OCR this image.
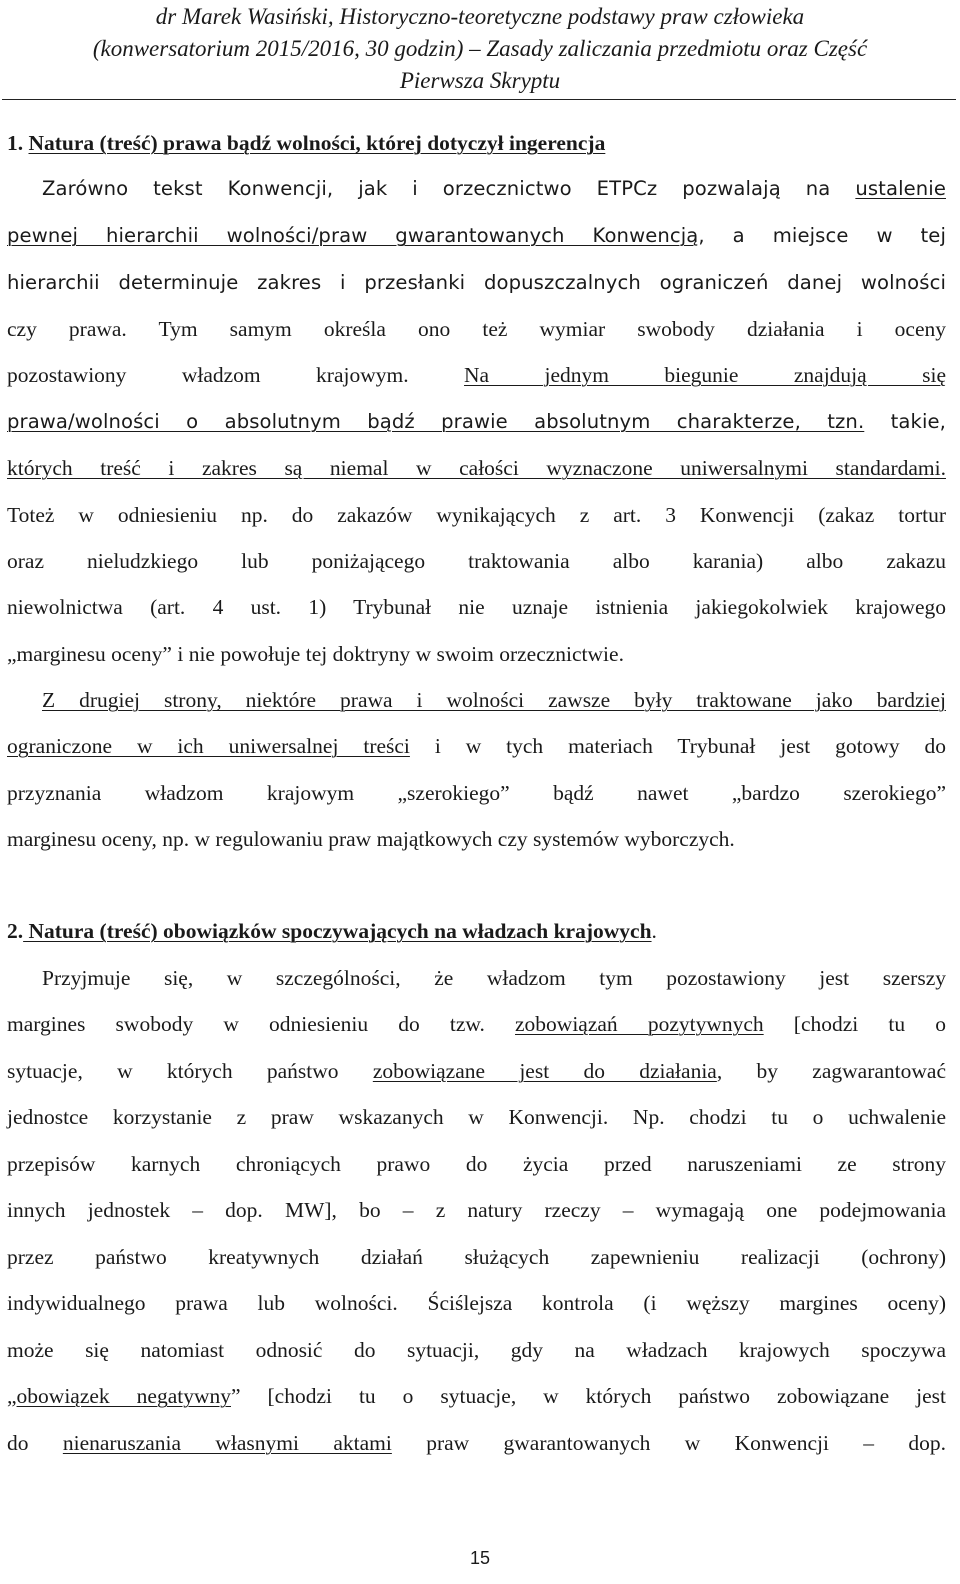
dr Marek Wasiński, Historyczno-teoretyczne podstawy praw człowieka
(konwersatorium 2015/2016, 30 godzin) – Zasady zaliczania przedmiotu oraz Część
Pierwsza Skryptu
1. Natura (treść) prawa bądź wolności, której dotyczył ingerencja
Zarówno tekst Konwencji, jak i orzecznictwo ETPCz pozwalają na ustalenie
pewnej hierarchii wolności/praw gwarantowanych Konwencją, a miejsce w tej
hierarchii determinuje zakres i przesłanki dopuszczalnych ograniczeń danej wolności
czy prawa. Tym samym określa ono też wymiar swobody działania i oceny
pozostawiony władzom krajowym. Na jednym biegunie znajdują się
prawa/wolności o absolutnym bądź prawie absolutnym charakterze, tzn. takie,
których treść i zakres są niemal w całości wyznaczone uniwersalnymi standardami.
Toteż w odniesieniu np. do zakazów wynikających z art. 3 Konwencji (zakaz tortur
oraz nieludzkiego lub poniżającego traktowania albo karania) albo zakazu
niewolnictwa (art. 4 ust. 1) Trybunał nie uznaje istnienia jakiegokolwiek krajowego
„marginesu oceny” i nie powołuje tej doktryny w swoim orzecznictwie.
Z drugiej strony, niektóre prawa i wolności zawsze były traktowane jako bardziej
ograniczone w ich uniwersalnej treści i w tych materiach Trybunał jest gotowy do
przyznania władzom krajowym „szerokiego” bądź nawet „bardzo szerokiego”
marginesu oceny, np. w regulowaniu praw majątkowych czy systemów wyborczych.
2. Natura (treść) obowiązków spoczywających na władzach krajowych.
Przyjmuje się, w szczególności, że władzom tym pozostawiony jest szerszy
margines swobody w odniesieniu do tzw. zobowiązań pozytywnych [chodzi tu o
sytuacje, w których państwo zobowiązane jest do działania, by zagwarantować
jednostce korzystanie z praw wskazanych w Konwencji. Np. chodzi tu o uchwalenie
przepisów karnych chroniących prawo do życia przed naruszeniami ze strony
innych jednostek – dop. MW], bo – z natury rzeczy – wymagają one podejmowania
przez państwo kreatywnych działań służących zapewnieniu realizacji (ochrony)
indywidualnego prawa lub wolności. Ściślejsza kontrola (i węższy margines oceny)
może się natomiast odnosić do sytuacji, gdy na władzach krajowych spoczywa
„obowiązek negatywny” [chodzi tu o sytuacje, w których państwo zobowiązane jest
do nienaruszania własnymi aktami praw gwarantowanych w Konwencji – dop.
15
